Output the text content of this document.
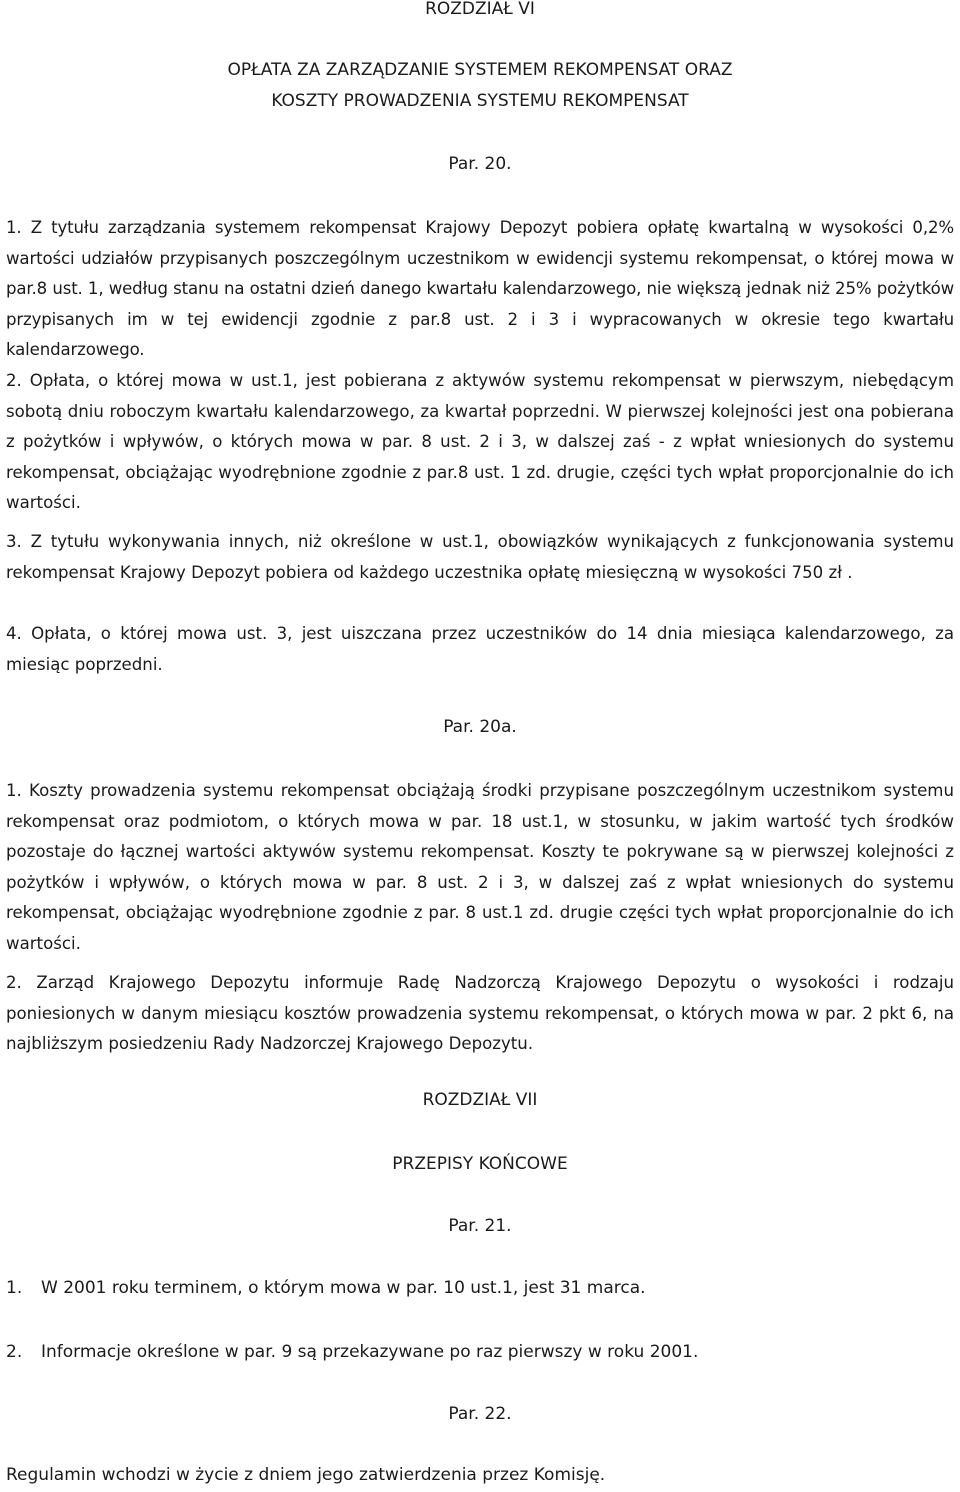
ROZDZIAŁ VI
OPŁATA ZA ZARZĄDZANIE SYSTEMEM REKOMPENSAT ORAZ
KOSZTY PROWADZENIA SYSTEMU REKOMPENSAT
Par. 20.
1. Z tytułu zarządzania systemem rekompensat Krajowy Depozyt pobiera opłatę kwartalną w wysokości 0,2% wartości udziałów przypisanych poszczególnym uczestnikom w ewidencji systemu rekompensat, o której mowa w par.8 ust. 1, według stanu na ostatni dzień danego kwartału kalendarzowego, nie większą jednak niż 25% pożytków przypisanych im w tej ewidencji zgodnie z par.8 ust. 2 i 3 i wypracowanych w okresie tego kwartału kalendarzowego.
2. Opłata, o której mowa w ust.1, jest pobierana z aktywów systemu rekompensat w pierwszym, niebędącym sobotą dniu roboczym kwartału kalendarzowego, za kwartał poprzedni. W pierwszej kolejności jest ona pobierana z pożytków i wpływów, o których mowa w par. 8 ust. 2 i 3, w dalszej zaś - z wpłat wniesionych do systemu rekompensat, obciążając wyodrębnione zgodnie z par.8 ust. 1 zd. drugie, części tych wpłat proporcjonalnie do ich wartości.
3. Z tytułu wykonywania innych, niż określone w ust.1, obowiązków wynikających z funkcjonowania systemu rekompensat Krajowy Depozyt pobiera od każdego uczestnika opłatę miesięczną w wysokości 750 zł .
4. Opłata, o której mowa ust. 3, jest uiszczana przez uczestników do 14 dnia miesiąca kalendarzowego, za miesiąc poprzedni.
Par. 20a.
1. Koszty prowadzenia systemu rekompensat obciążają środki przypisane poszczególnym uczestnikom systemu rekompensat oraz podmiotom, o których mowa w par. 18 ust.1, w stosunku, w jakim wartość tych środków pozostaje do łącznej wartości aktywów systemu rekompensat. Koszty te pokrywane są w pierwszej kolejności z pożytków i wpływów, o których mowa w par. 8 ust. 2 i 3, w dalszej zaś z wpłat wniesionych do systemu rekompensat, obciążając wyodrębnione zgodnie z par. 8 ust.1 zd. drugie części tych wpłat proporcjonalnie do ich wartości.
2. Zarząd Krajowego Depozytu informuje Radę Nadzorczą Krajowego Depozytu o wysokości i rodzaju poniesionych w danym miesiącu kosztów prowadzenia systemu rekompensat, o których mowa w par. 2 pkt 6, na najbliższym posiedzeniu Rady Nadzorczej Krajowego Depozytu.
ROZDZIAŁ VII
PRZEPISY KOŃCOWE
Par. 21.
1. W 2001 roku terminem, o którym mowa w par. 10 ust.1, jest 31 marca.
2. Informacje określone w par. 9 są przekazywane po raz pierwszy w roku 2001.
Par. 22.
Regulamin wchodzi w życie z dniem jego zatwierdzenia przez Komisję.
